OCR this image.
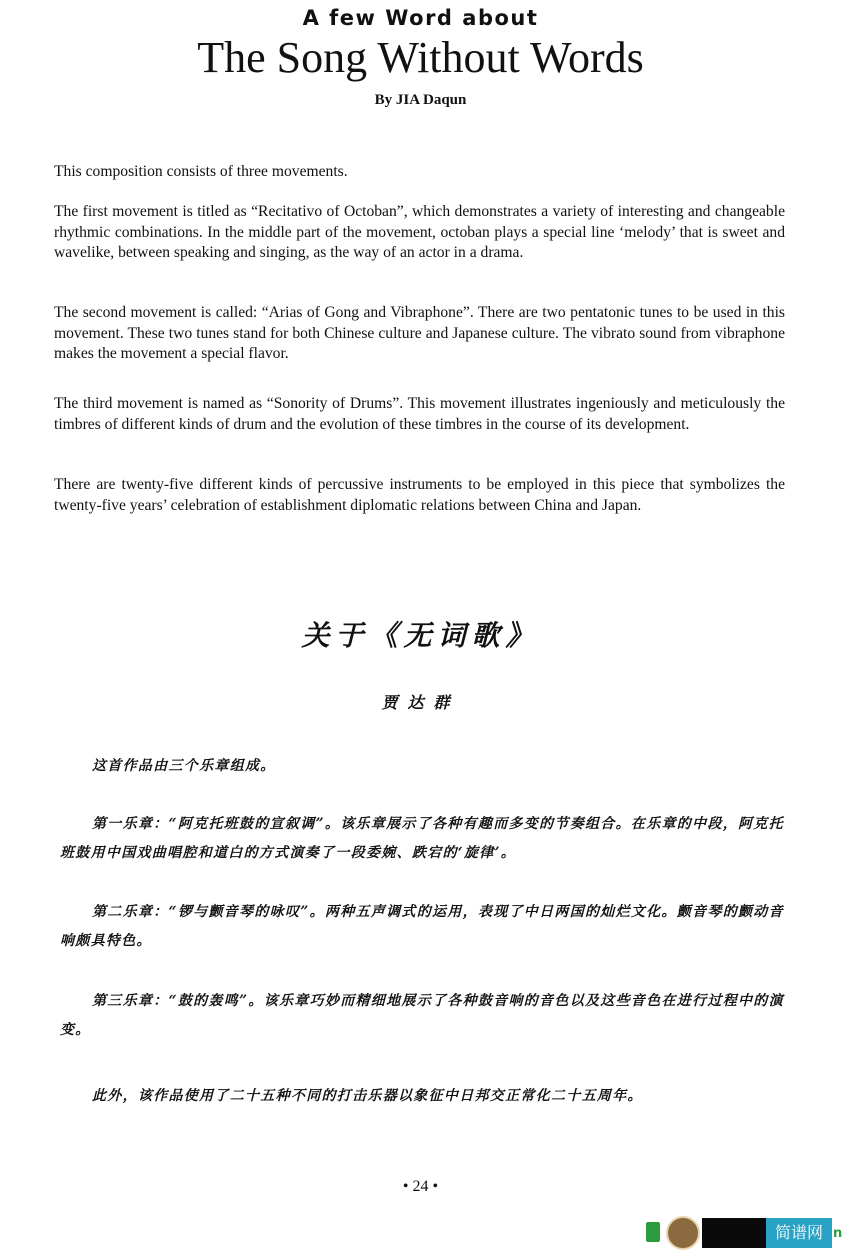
A few Word about
The Song Without Words
By JIA Daqun
This composition consists of three movements.
The first movement is titled as “Recitativo of Octoban”, which demonstrates a variety of interesting and changeable rhythmic combinations. In the middle part of the movement, octoban plays a special line ‘melody’ that is sweet and wavelike, between speaking and singing, as the way of an actor in a drama.
The second movement is called: “Arias of Gong and Vibraphone”. There are two pentatonic tunes to be used in this movement. These two tunes stand for both Chinese culture and Japanese culture. The vibrato sound from vibraphone makes the movement a special flavor.
The third movement is named as “Sonority of Drums”. This movement illustrates ingeniously and meticulously the timbres of different kinds of drum and the evolution of these timbres in the course of its development.
There are twenty-five different kinds of percussive instruments to be employed in this piece that symbolizes the twenty-five years’ celebration of establishment diplomatic relations between China and Japan.
关于《无词歌》
贾达群
这首作品由三个乐章组成。
第一乐章：“阿克托班鼓的宣叙调”。该乐章展示了各种有趣而多变的节奏组合。在乐章的中段，阿克托班鼓用中国戏曲唱腔和道白的方式演奏了一段委婉、跌宕的‘旋律’。
第二乐章：“锣与颤音琴的咏叹”。两种五声调式的运用，表现了中日两国的灿烂文化。颤音琴的颤动音响颇具特色。
第三乐章：“鼓的轰鸣”。该乐章巧妙而精细地展示了各种鼓音响的音色以及这些音色在进行过程中的演变。
此外，该作品使用了二十五种不同的打击乐器以象征中日邦交正常化二十五周年。
• 24 •
简谱网 n
